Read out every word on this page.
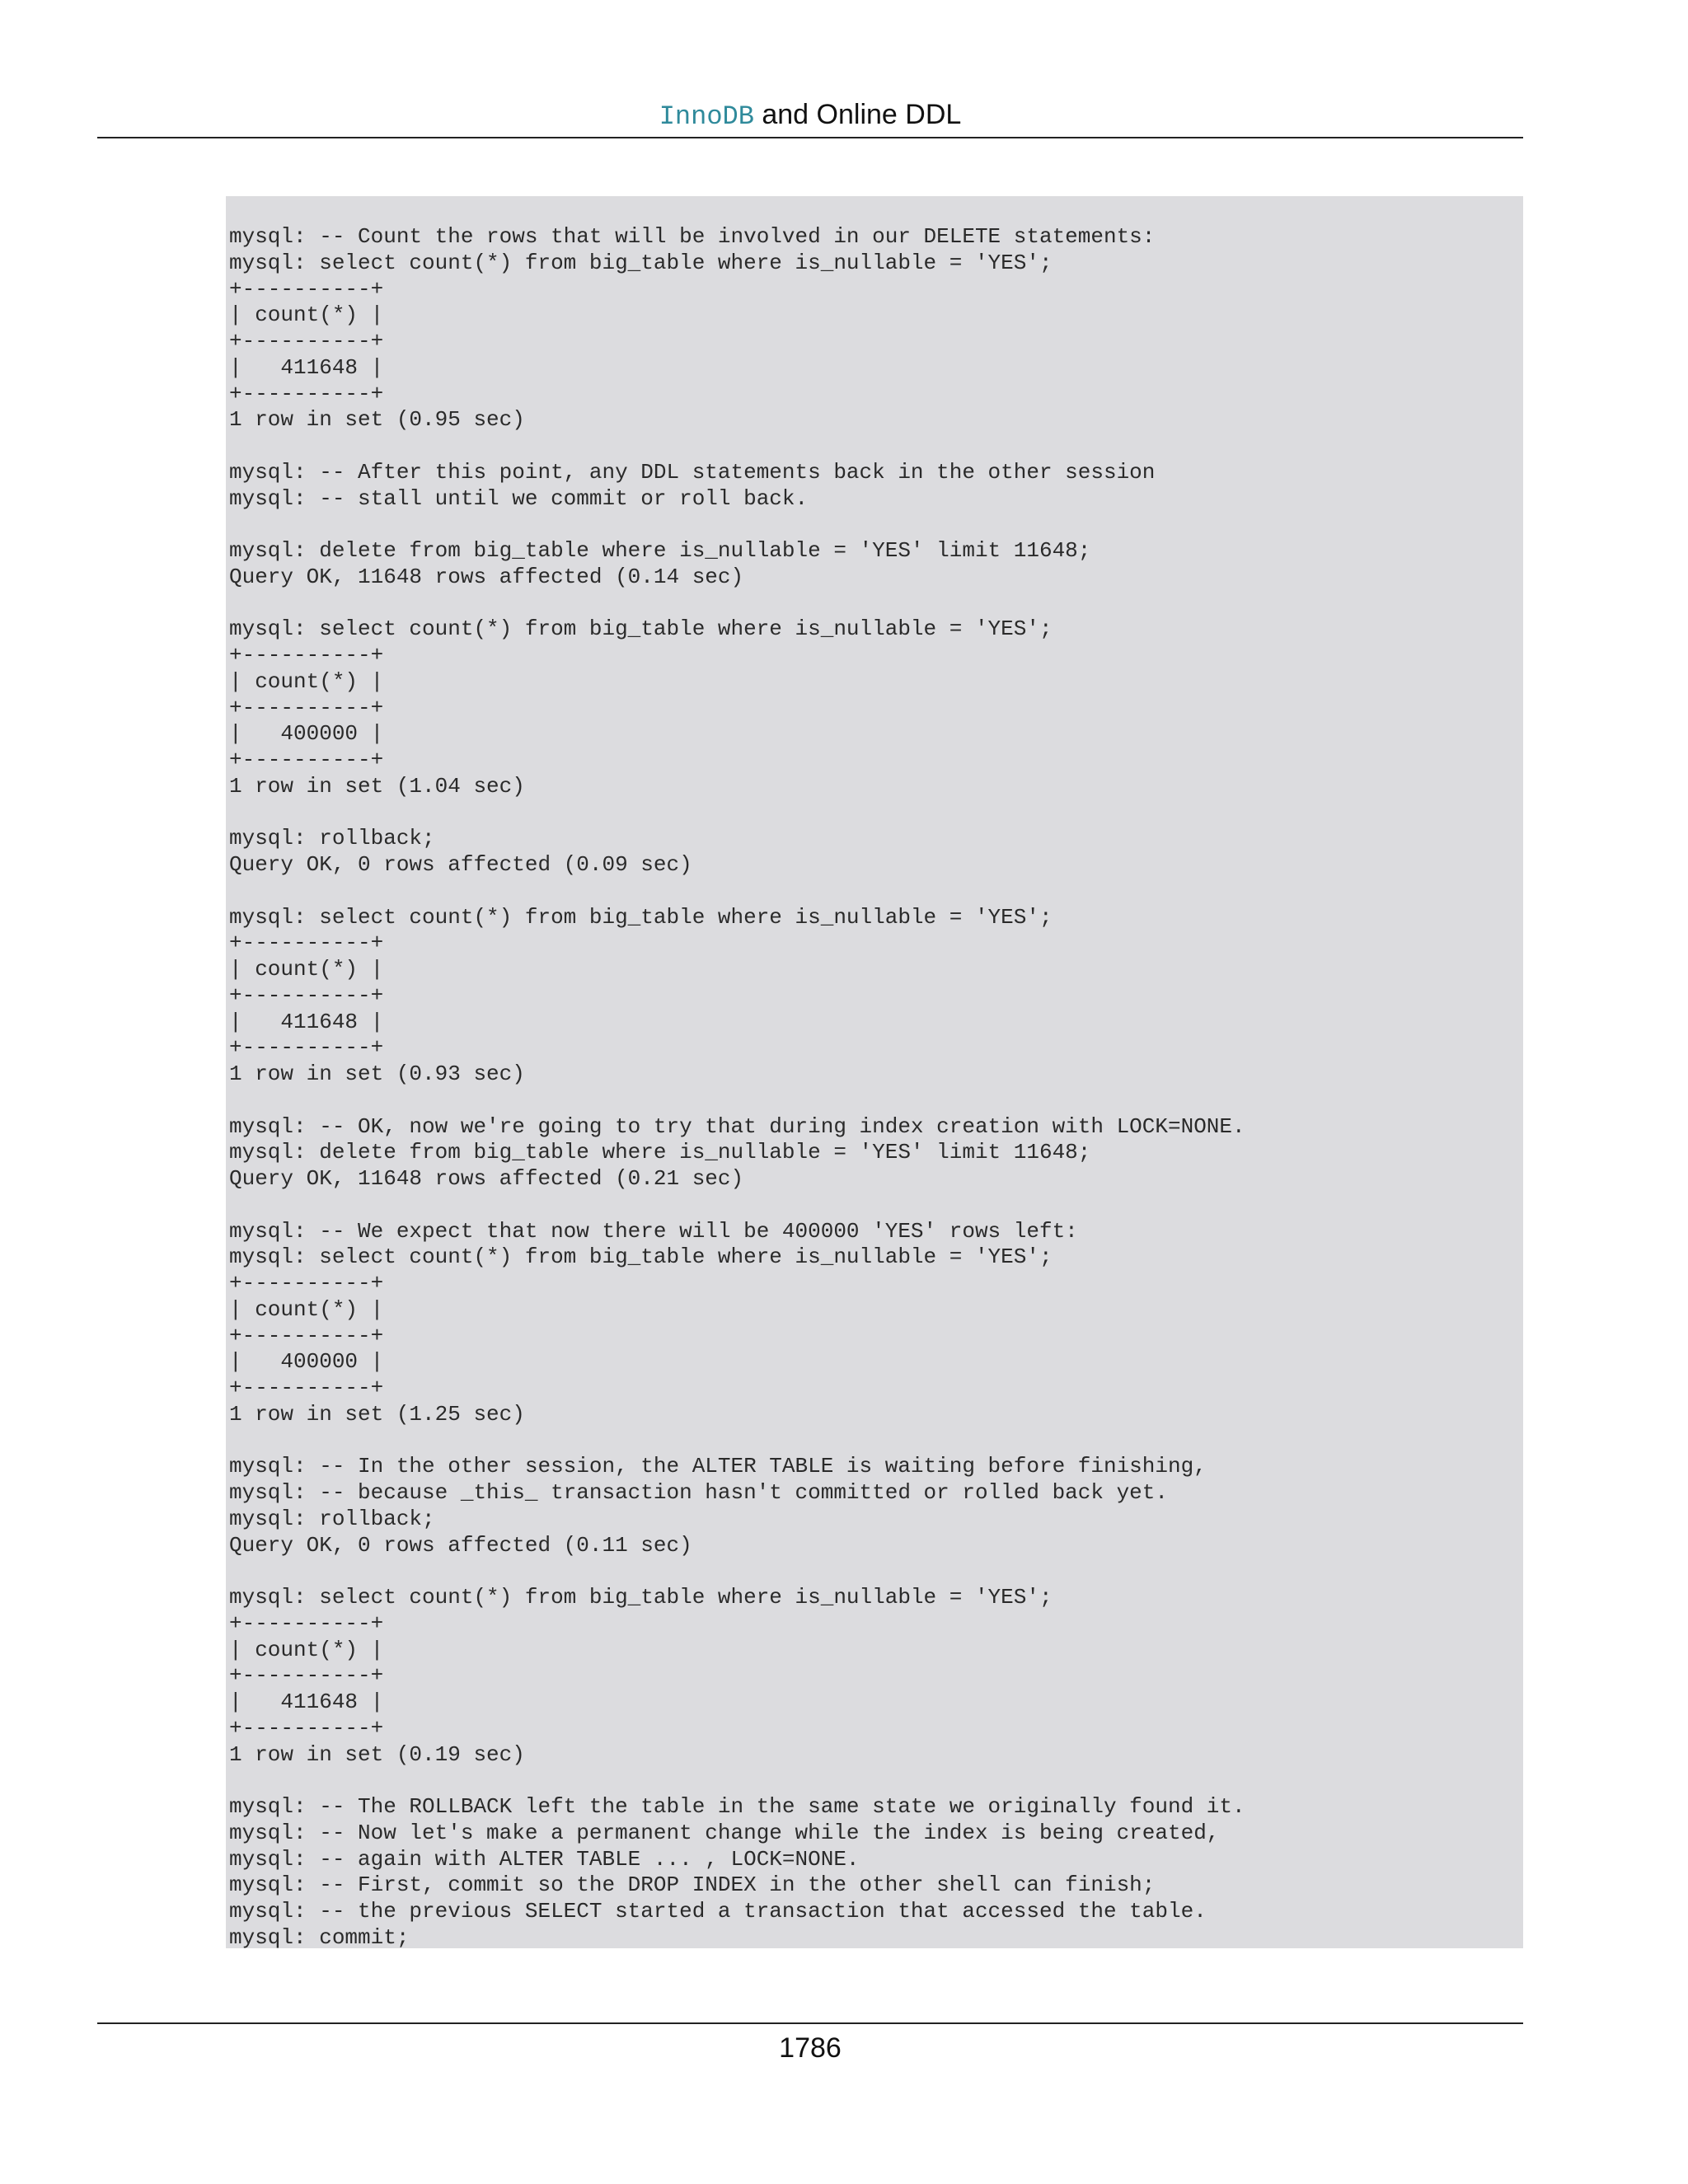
InnoDB and Online DDL
mysql: -- Count the rows that will be involved in our DELETE statements:
mysql: select count(*) from big_table where is_nullable = 'YES';
+----------+
| count(*) |
+----------+
|   411648 |
+----------+
1 row in set (0.95 sec)

mysql: -- After this point, any DDL statements back in the other session
mysql: -- stall until we commit or roll back.

mysql: delete from big_table where is_nullable = 'YES' limit 11648;
Query OK, 11648 rows affected (0.14 sec)

mysql: select count(*) from big_table where is_nullable = 'YES';
+----------+
| count(*) |
+----------+
|   400000 |
+----------+
1 row in set (1.04 sec)

mysql: rollback;
Query OK, 0 rows affected (0.09 sec)

mysql: select count(*) from big_table where is_nullable = 'YES';
+----------+
| count(*) |
+----------+
|   411648 |
+----------+
1 row in set (0.93 sec)

mysql: -- OK, now we're going to try that during index creation with LOCK=NONE.
mysql: delete from big_table where is_nullable = 'YES' limit 11648;
Query OK, 11648 rows affected (0.21 sec)

mysql: -- We expect that now there will be 400000 'YES' rows left:
mysql: select count(*) from big_table where is_nullable = 'YES';
+----------+
| count(*) |
+----------+
|   400000 |
+----------+
1 row in set (1.25 sec)

mysql: -- In the other session, the ALTER TABLE is waiting before finishing,
mysql: -- because _this_ transaction hasn't committed or rolled back yet.
mysql: rollback;
Query OK, 0 rows affected (0.11 sec)

mysql: select count(*) from big_table where is_nullable = 'YES';
+----------+
| count(*) |
+----------+
|   411648 |
+----------+
1 row in set (0.19 sec)

mysql: -- The ROLLBACK left the table in the same state we originally found it.
mysql: -- Now let's make a permanent change while the index is being created,
mysql: -- again with ALTER TABLE ... , LOCK=NONE.
mysql: -- First, commit so the DROP INDEX in the other shell can finish;
mysql: -- the previous SELECT started a transaction that accessed the table.
mysql: commit;

1786
